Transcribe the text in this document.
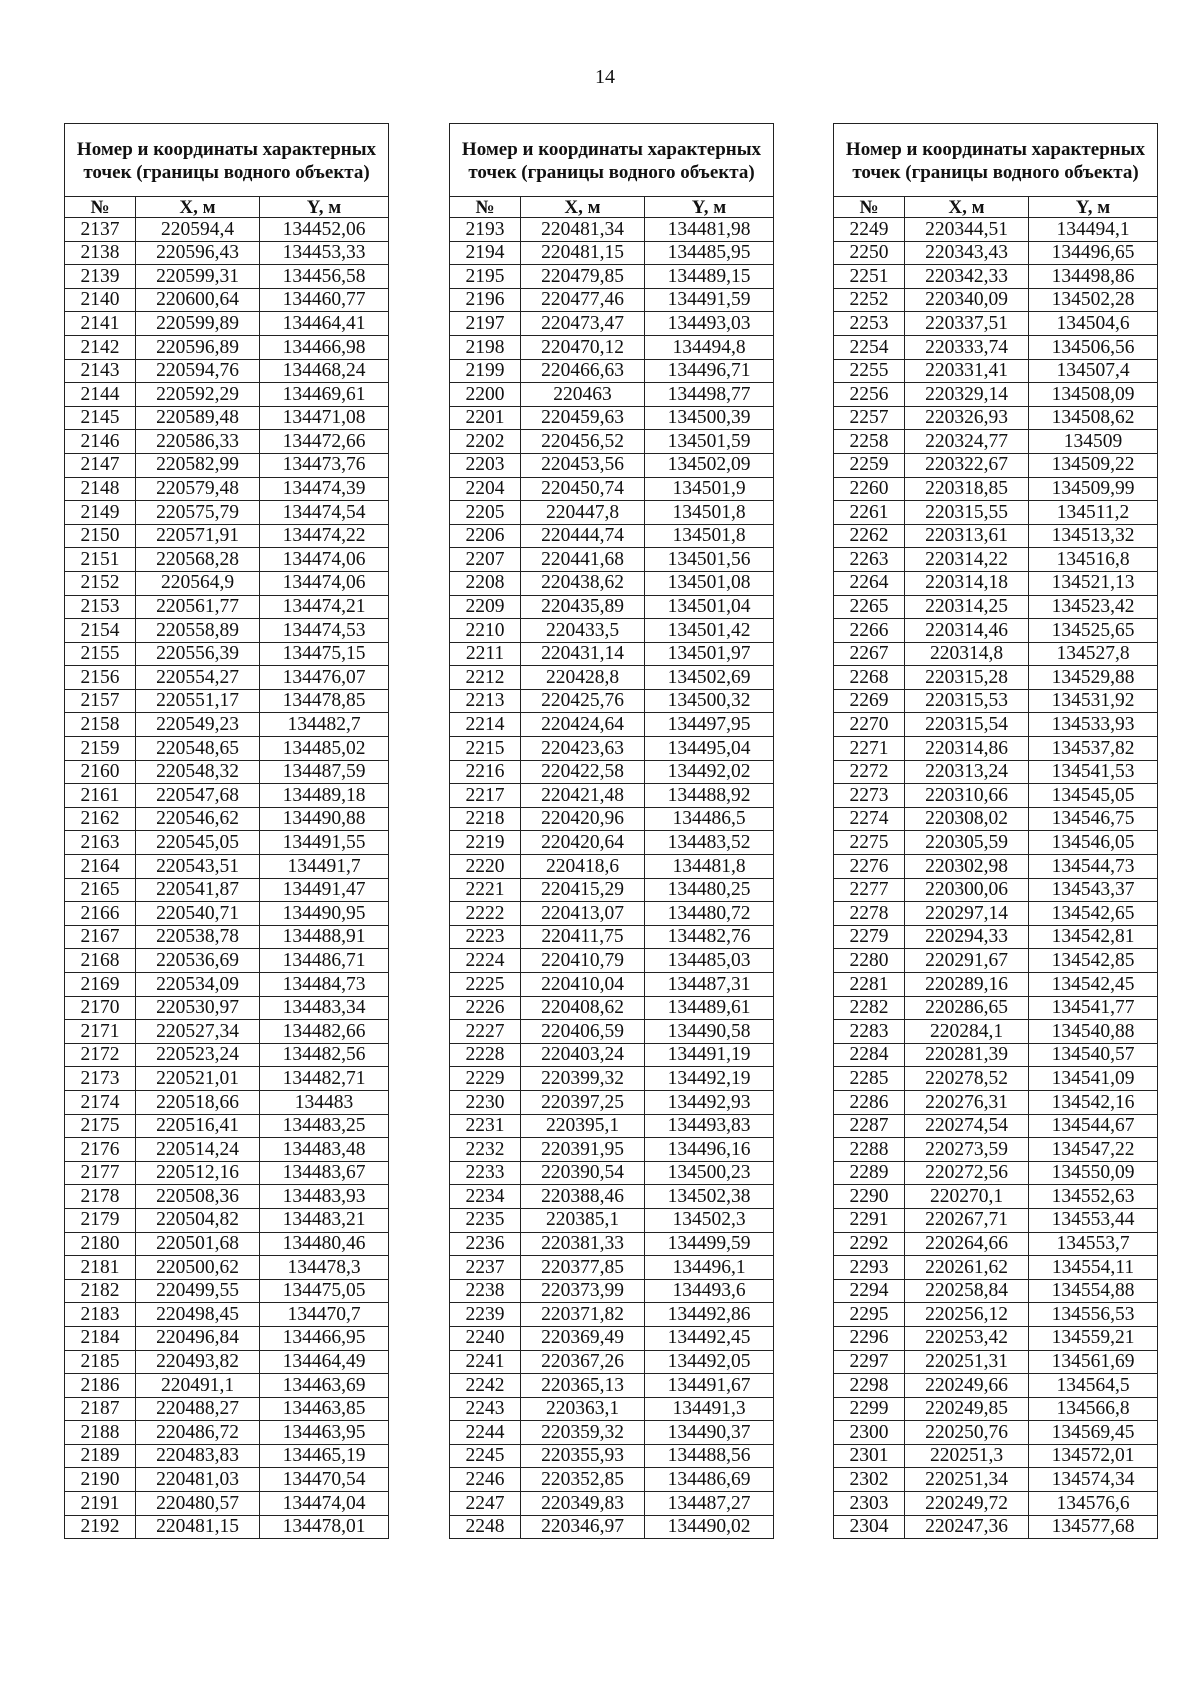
14
Номер и координаты характерных точек (границы водного объекта)		
№	X, м	Y, м
2137	220594,4	134452,06
2138	220596,43	134453,33
2139	220599,31	134456,58
2140	220600,64	134460,77
2141	220599,89	134464,41
2142	220596,89	134466,98
2143	220594,76	134468,24
2144	220592,29	134469,61
2145	220589,48	134471,08
2146	220586,33	134472,66
2147	220582,99	134473,76
2148	220579,48	134474,39
2149	220575,79	134474,54
2150	220571,91	134474,22
2151	220568,28	134474,06
2152	220564,9	134474,06
2153	220561,77	134474,21
2154	220558,89	134474,53
2155	220556,39	134475,15
2156	220554,27	134476,07
2157	220551,17	134478,85
2158	220549,23	134482,7
2159	220548,65	134485,02
2160	220548,32	134487,59
2161	220547,68	134489,18
2162	220546,62	134490,88
2163	220545,05	134491,55
2164	220543,51	134491,7
2165	220541,87	134491,47
2166	220540,71	134490,95
2167	220538,78	134488,91
2168	220536,69	134486,71
2169	220534,09	134484,73
2170	220530,97	134483,34
2171	220527,34	134482,66
2172	220523,24	134482,56
2173	220521,01	134482,71
2174	220518,66	134483
2175	220516,41	134483,25
2176	220514,24	134483,48
2177	220512,16	134483,67
2178	220508,36	134483,93
2179	220504,82	134483,21
2180	220501,68	134480,46
2181	220500,62	134478,3
2182	220499,55	134475,05
2183	220498,45	134470,7
2184	220496,84	134466,95
2185	220493,82	134464,49
2186	220491,1	134463,69
2187	220488,27	134463,85
2188	220486,72	134463,95
2189	220483,83	134465,19
2190	220481,03	134470,54
2191	220480,57	134474,04
2192	220481,15	134478,01
Номер и координаты характерных точек (границы водного объекта)		
№	X, м	Y, м
2193	220481,34	134481,98
2194	220481,15	134485,95
2195	220479,85	134489,15
2196	220477,46	134491,59
2197	220473,47	134493,03
2198	220470,12	134494,8
2199	220466,63	134496,71
2200	220463	134498,77
2201	220459,63	134500,39
2202	220456,52	134501,59
2203	220453,56	134502,09
2204	220450,74	134501,9
2205	220447,8	134501,8
2206	220444,74	134501,8
2207	220441,68	134501,56
2208	220438,62	134501,08
2209	220435,89	134501,04
2210	220433,5	134501,42
2211	220431,14	134501,97
2212	220428,8	134502,69
2213	220425,76	134500,32
2214	220424,64	134497,95
2215	220423,63	134495,04
2216	220422,58	134492,02
2217	220421,48	134488,92
2218	220420,96	134486,5
2219	220420,64	134483,52
2220	220418,6	134481,8
2221	220415,29	134480,25
2222	220413,07	134480,72
2223	220411,75	134482,76
2224	220410,79	134485,03
2225	220410,04	134487,31
2226	220408,62	134489,61
2227	220406,59	134490,58
2228	220403,24	134491,19
2229	220399,32	134492,19
2230	220397,25	134492,93
2231	220395,1	134493,83
2232	220391,95	134496,16
2233	220390,54	134500,23
2234	220388,46	134502,38
2235	220385,1	134502,3
2236	220381,33	134499,59
2237	220377,85	134496,1
2238	220373,99	134493,6
2239	220371,82	134492,86
2240	220369,49	134492,45
2241	220367,26	134492,05
2242	220365,13	134491,67
2243	220363,1	134491,3
2244	220359,32	134490,37
2245	220355,93	134488,56
2246	220352,85	134486,69
2247	220349,83	134487,27
2248	220346,97	134490,02
Номер и координаты характерных точек (границы водного объекта)		
№	X, м	Y, м
2249	220344,51	134494,1
2250	220343,43	134496,65
2251	220342,33	134498,86
2252	220340,09	134502,28
2253	220337,51	134504,6
2254	220333,74	134506,56
2255	220331,41	134507,4
2256	220329,14	134508,09
2257	220326,93	134508,62
2258	220324,77	134509
2259	220322,67	134509,22
2260	220318,85	134509,99
2261	220315,55	134511,2
2262	220313,61	134513,32
2263	220314,22	134516,8
2264	220314,18	134521,13
2265	220314,25	134523,42
2266	220314,46	134525,65
2267	220314,8	134527,8
2268	220315,28	134529,88
2269	220315,53	134531,92
2270	220315,54	134533,93
2271	220314,86	134537,82
2272	220313,24	134541,53
2273	220310,66	134545,05
2274	220308,02	134546,75
2275	220305,59	134546,05
2276	220302,98	134544,73
2277	220300,06	134543,37
2278	220297,14	134542,65
2279	220294,33	134542,81
2280	220291,67	134542,85
2281	220289,16	134542,45
2282	220286,65	134541,77
2283	220284,1	134540,88
2284	220281,39	134540,57
2285	220278,52	134541,09
2286	220276,31	134542,16
2287	220274,54	134544,67
2288	220273,59	134547,22
2289	220272,56	134550,09
2290	220270,1	134552,63
2291	220267,71	134553,44
2292	220264,66	134553,7
2293	220261,62	134554,11
2294	220258,84	134554,88
2295	220256,12	134556,53
2296	220253,42	134559,21
2297	220251,31	134561,69
2298	220249,66	134564,5
2299	220249,85	134566,8
2300	220250,76	134569,45
2301	220251,3	134572,01
2302	220251,34	134574,34
2303	220249,72	134576,6
2304	220247,36	134577,68
